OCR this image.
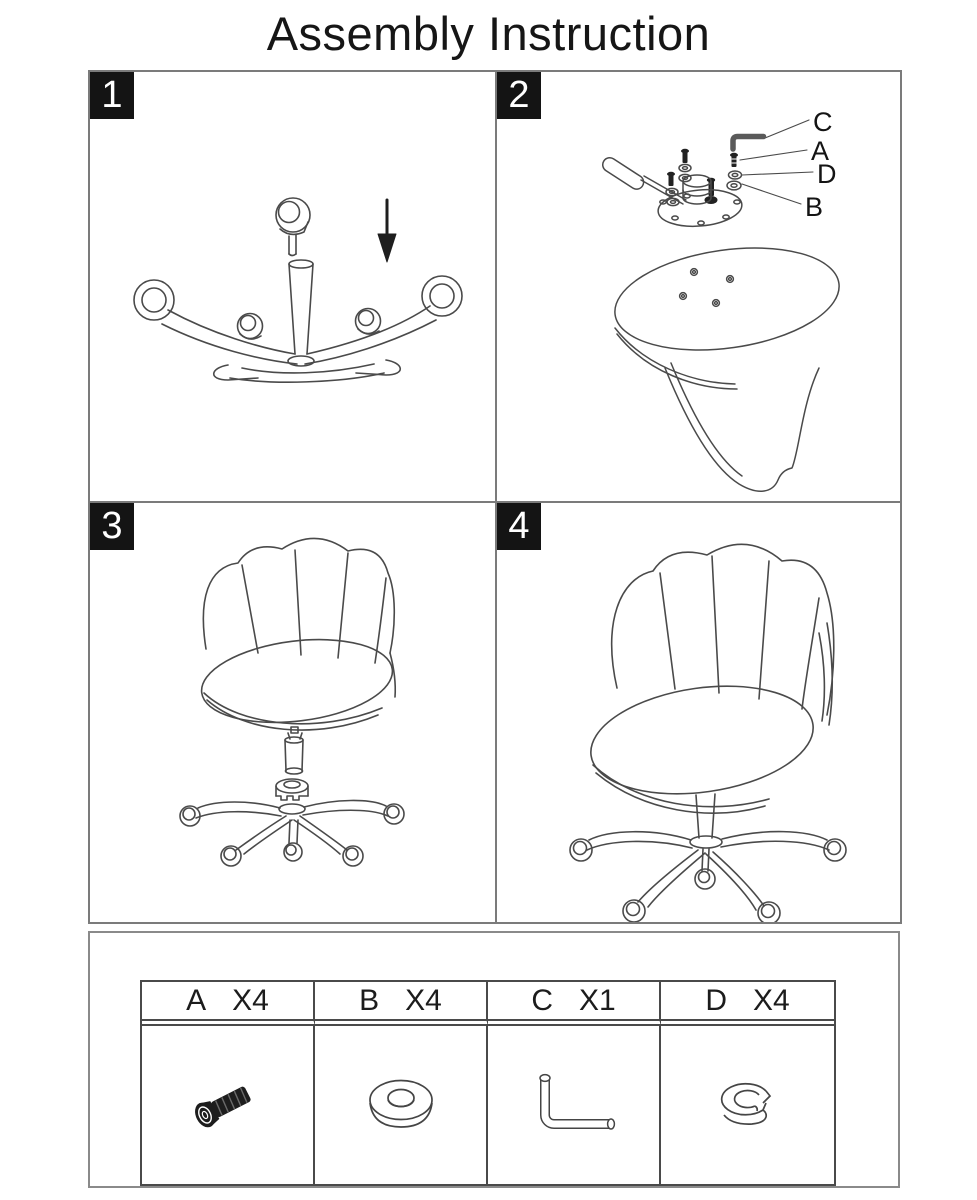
Assembly Instruction
1	2
C
A
D
B
3	4
A X4	B X4	C X1	D X4
